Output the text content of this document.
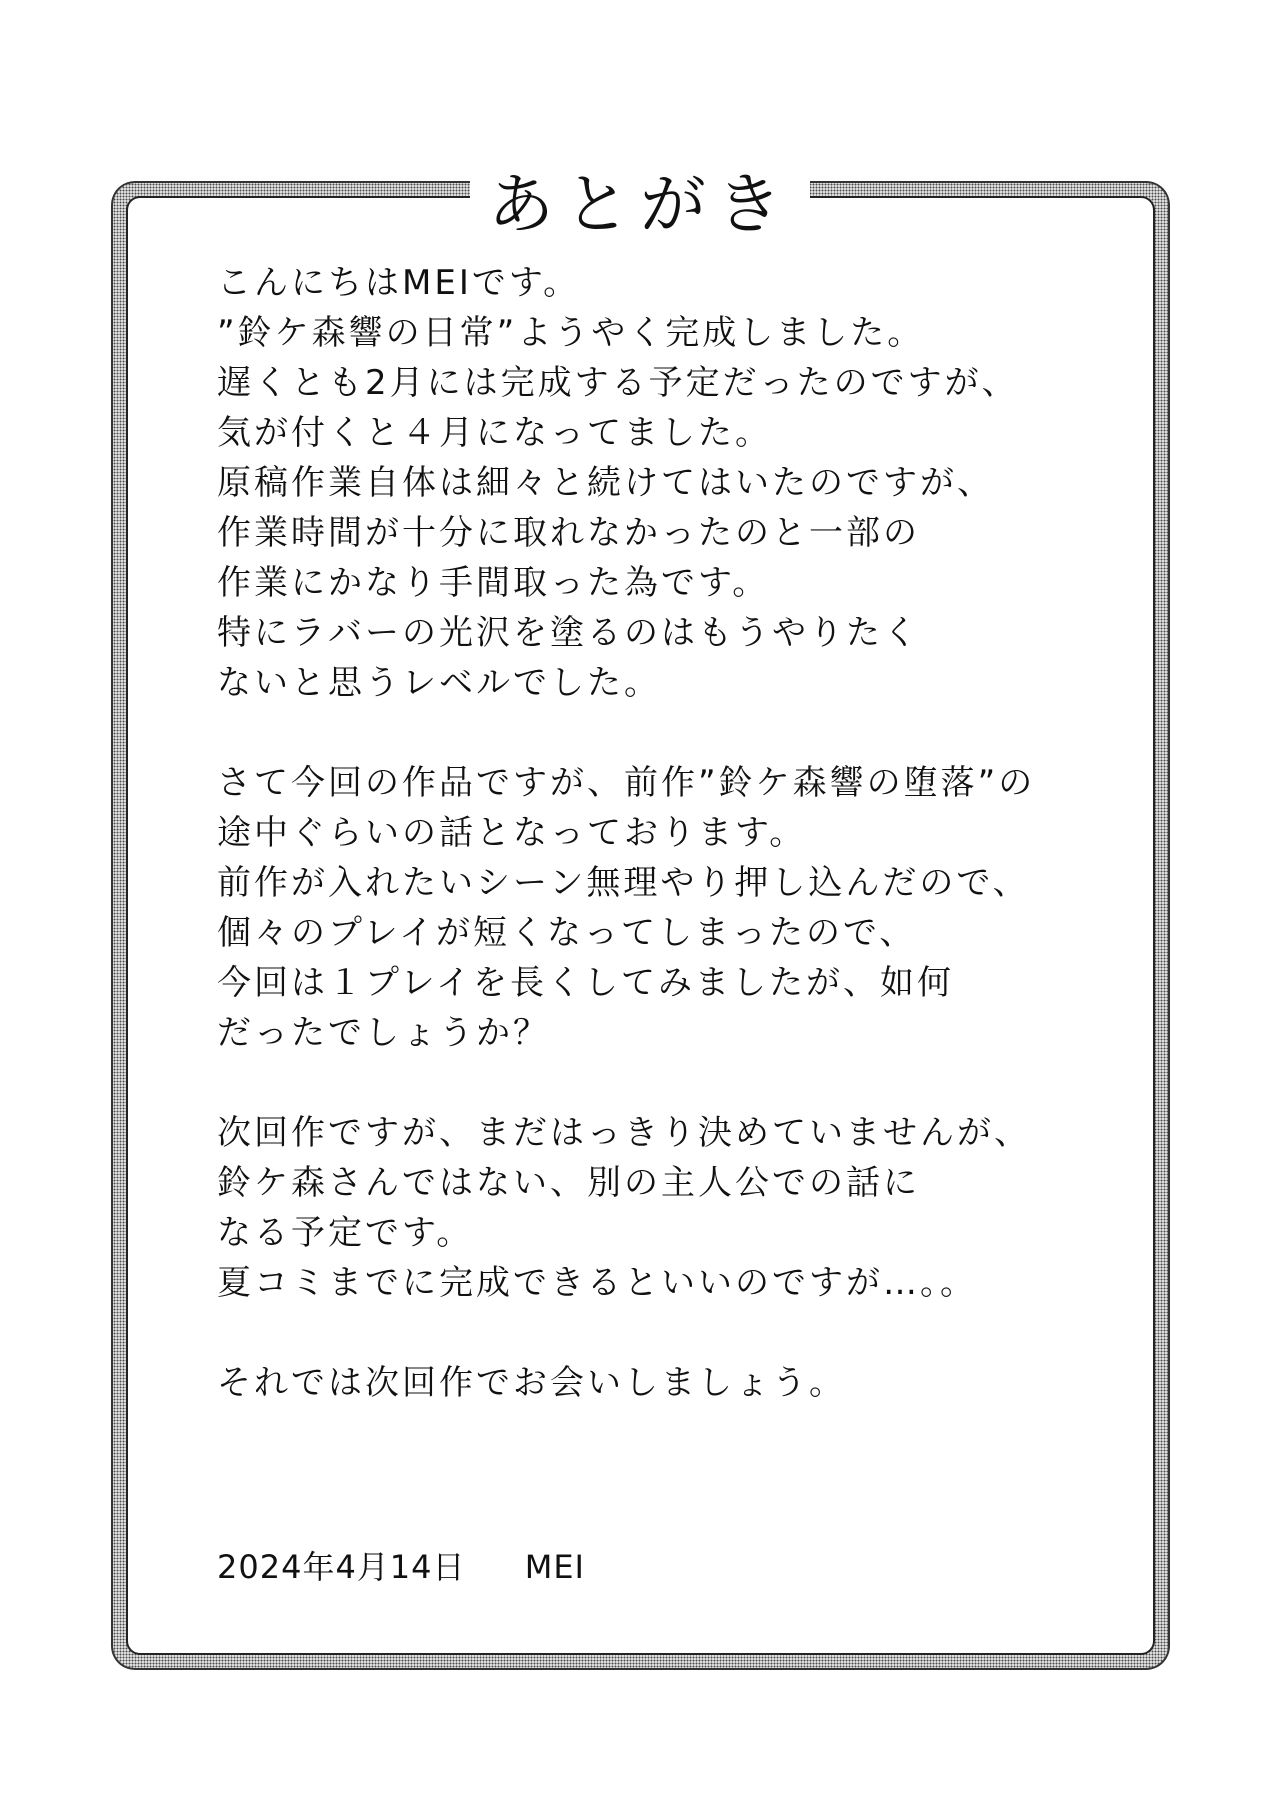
あとがき
こんにちはMEIです。
”鈴ケ森響の日常”ようやく完成しました。
遅くとも2月には完成する予定だったのですが、
気が付くと４月になってました。
原稿作業自体は細々と続けてはいたのですが、
作業時間が十分に取れなかったのと一部の
作業にかなり手間取った為です。
特にラバーの光沢を塗るのはもうやりたく
ないと思うレベルでした。
さて今回の作品ですが、前作”鈴ケ森響の堕落”の
途中ぐらいの話となっております。
前作が入れたいシーン無理やり押し込んだので、
個々のプレイが短くなってしまったので、
今回は１プレイを長くしてみましたが、如何
だったでしょうか？
次回作ですが、まだはっきり決めていませんが、
鈴ケ森さんではない、別の主人公での話に
なる予定です。
夏コミまでに完成できるといいのですが…。。
それでは次回作でお会いしましょう。
2024年4月14日 MEI
